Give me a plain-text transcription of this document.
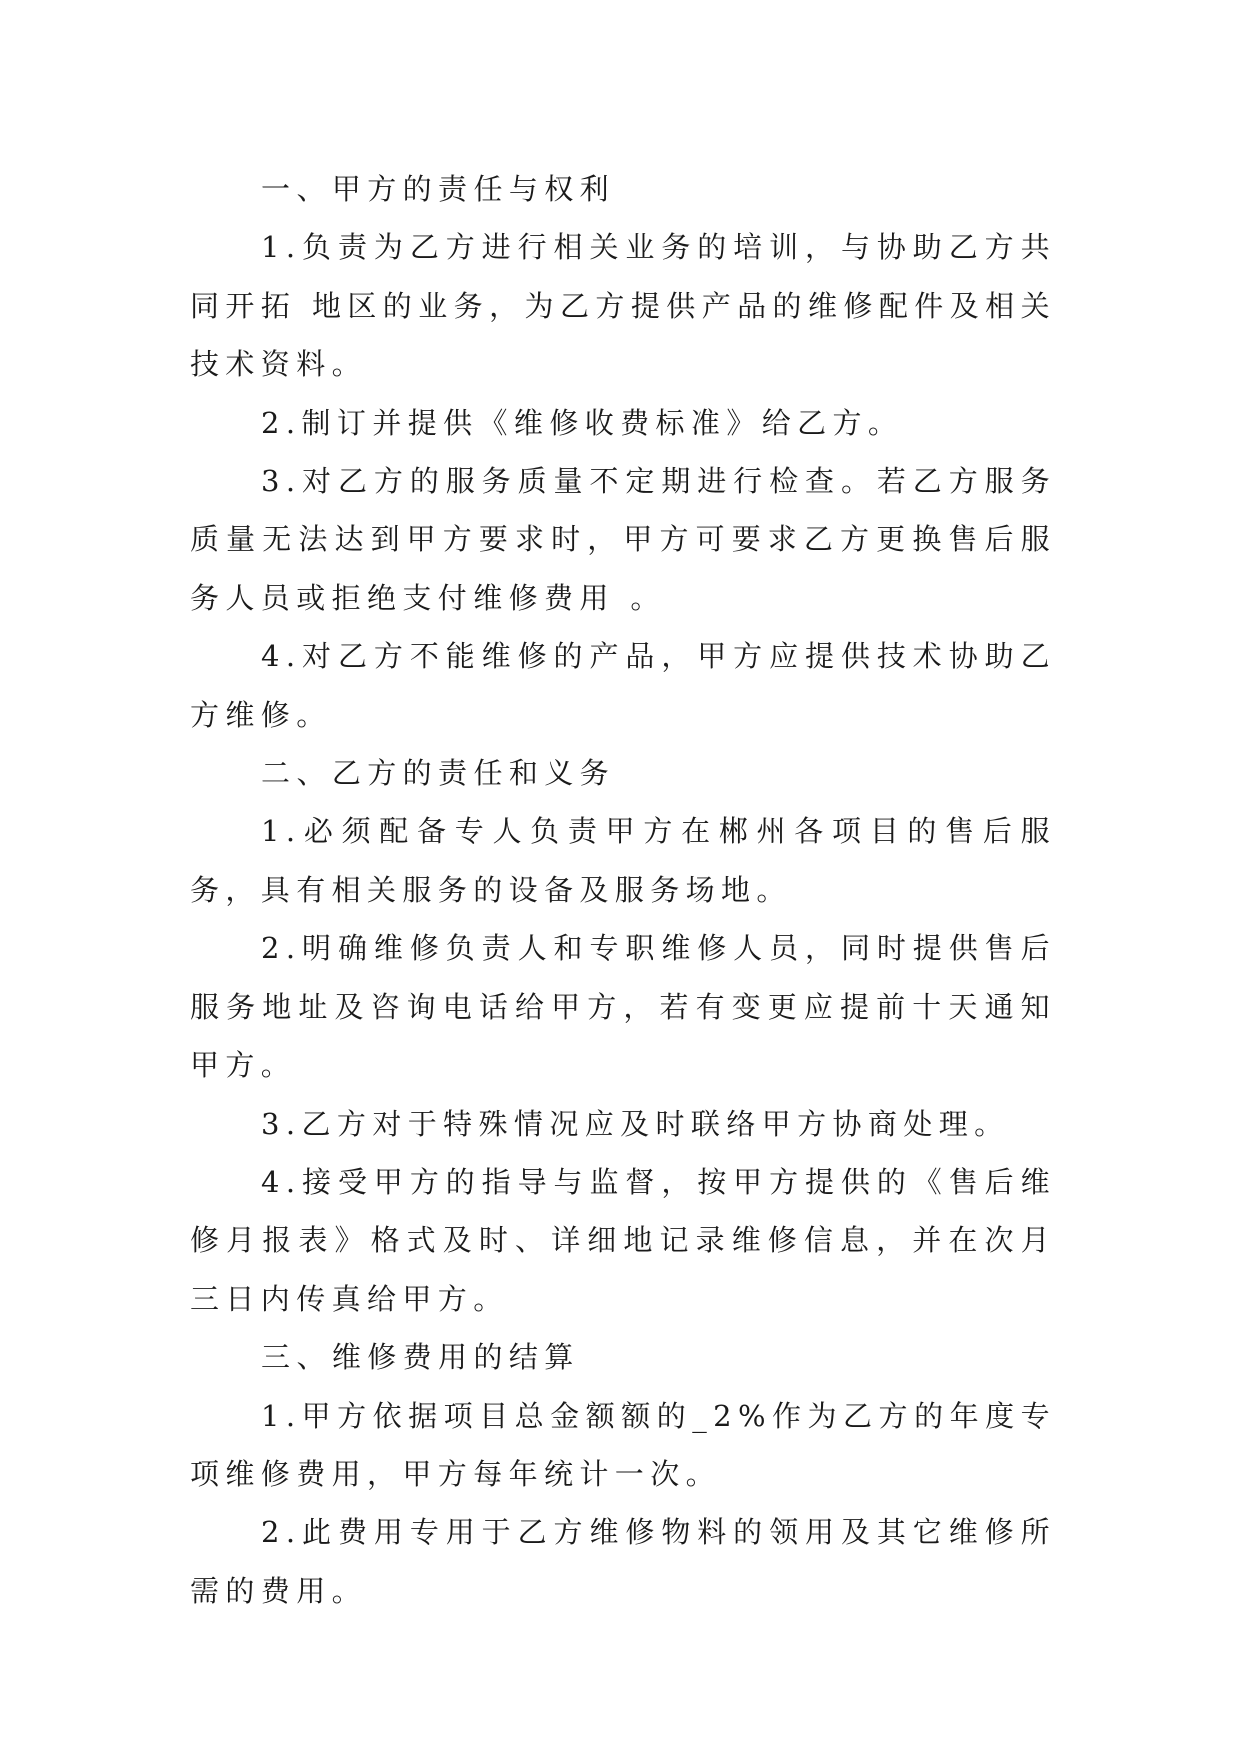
一、甲方的责任与权利

1.负责为乙方进行相关业务的培训，与协助乙方共同开拓 地区的业务，为乙方提供产品的维修配件及相关技术资料。

2.制订并提供《维修收费标准》给乙方。

3.对乙方的服务质量不定期进行检查。若乙方服务质量无法达到甲方要求时，甲方可要求乙方更换售后服务人员或拒绝支付维修费用 。

4.对乙方不能维修的产品，甲方应提供技术协助乙方维修。

二、乙方的责任和义务

1.必须配备专人负责甲方在郴州各项目的售后服务，具有相关服务的设备及服务场地。

2.明确维修负责人和专职维修人员，同时提供售后服务地址及咨询电话给甲方，若有变更应提前十天通知甲方。

3.乙方对于特殊情况应及时联络甲方协商处理。

4.接受甲方的指导与监督，按甲方提供的《售后维修月报表》格式及时、详细地记录维修信息，并在次月三日内传真给甲方。

三、维修费用的结算

1.甲方依据项目总金额额的_2%作为乙方的年度专项维修费用，甲方每年统计一次。

2.此费用专用于乙方维修物料的领用及其它维修所需的费用。
